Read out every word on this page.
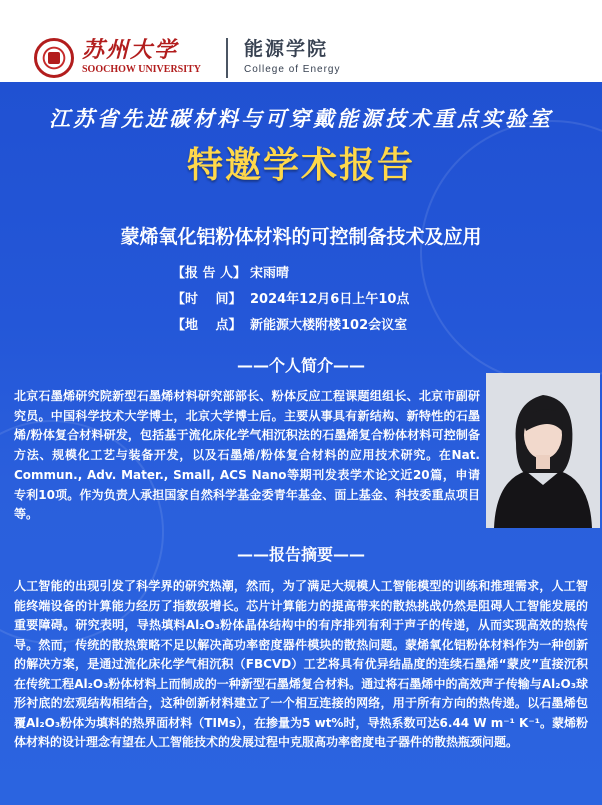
苏州大学
SOOCHOW UNIVERSITY
能源学院
College of Energy
江苏省先进碳材料与可穿戴能源技术重点实验室
特邀学术报告
蒙烯氧化铝粉体材料的可控制备技术及应用
【报 告 人】 宋雨晴
【时　 间】 2024年12月6日上午10点
【地　 点】 新能源大楼附楼102会议室
——个人简介——

北京石墨烯研究院新型石墨烯材料研究部部长、粉体反应工程课题组组长、北京市副研究员。中国科学技术大学博士，北京大学博士后。主要从事具有新结构、新特性的石墨烯/粉体复合材料研发，包括基于流化床化学气相沉积法的石墨烯复合粉体材料可控制备方法、规模化工艺与装备开发，以及石墨烯/粉体复合材料的应用技术研究。在Nat. Commun., Adv. Mater., Small, ACS Nano等期刊发表学术论文近20篇，申请专利10项。作为负责人承担国家自然科学基金委青年基金、面上基金、科技委重点项目等。

——报告摘要——

人工智能的出现引发了科学界的研究热潮，然而，为了满足大规模人工智能模型的训练和推理需求，人工智能终端设备的计算能力经历了指数级增长。芯片计算能力的提高带来的散热挑战仍然是阻碍人工智能发展的重要障碍。研究表明，导热填料Al₂O₃粉体晶体结构中的有序排列有利于声子的传递，从而实现高效的热传导。然而，传统的散热策略不足以解决高功率密度器件模块的散热问题。蒙烯氧化铝粉体材料作为一种创新的解决方案，是通过流化床化学气相沉积（FBCVD）工艺将具有优异结晶度的连续石墨烯“蒙皮”直接沉积在传统工程Al₂O₃粉体材料上而制成的一种新型石墨烯复合材料。通过将石墨烯中的高效声子传输与Al₂O₃球形衬底的宏观结构相结合，这种创新材料建立了一个相互连接的网络，用于所有方向的热传递。以石墨烯包覆Al₂O₃粉体为填料的热界面材料（TIMs），在掺量为5 wt%时，导热系数可达6.44 W m⁻¹ K⁻¹。蒙烯粉体材料的设计理念有望在人工智能技术的发展过程中克服高功率密度电子器件的散热瓶颈问题。
